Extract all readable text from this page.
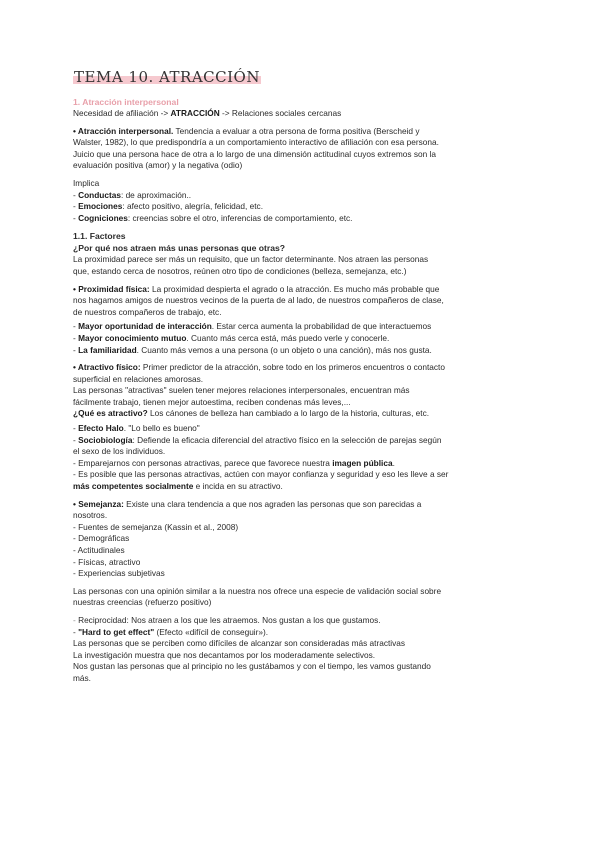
TEMA 10. ATRACCIÓN
1. Atracción interpersonal
Necesidad de afiliación -> ATRACCIÓN -> Relaciones sociales cercanas
• Atracción interpersonal. Tendencia a evaluar a otra persona de forma positiva (Berscheid y
Walster, 1982), lo que predispondría a un comportamiento interactivo de afiliación con esa persona.
Juicio que una persona hace de otra a lo largo de una dimensión actitudinal cuyos extremos son la
evaluación positiva (amor) y la negativa (odio)
Implica
- Conductas: de aproximación..
- Emociones: afecto positivo, alegría, felicidad, etc.
- Cogniciones: creencias sobre el otro, inferencias de comportamiento, etc.
1.1. Factores
¿Por qué nos atraen más unas personas que otras?
La proximidad parece ser más un requisito, que un factor determinante. Nos atraen las personas
que, estando cerca de nosotros, reúnen otro tipo de condiciones (belleza, semejanza, etc.)
• Proximidad física: La proximidad despierta el agrado o la atracción. Es mucho más probable que
nos hagamos amigos de nuestros vecinos de la puerta de al lado, de nuestros compañeros de clase,
de nuestros compañeros de trabajo, etc.
- Mayor oportunidad de interacción. Estar cerca aumenta la probabilidad de que interactuemos
- Mayor conocimiento mutuo. Cuanto más cerca está, más puedo verle y conocerle.
- La familiaridad. Cuanto más vemos a una persona (o un objeto o una canción), más nos gusta.
• Atractivo físico: Primer predictor de la atracción, sobre todo en los primeros encuentros o contacto
superficial en relaciones amorosas.
Las personas "atractivas" suelen tener mejores relaciones interpersonales, encuentran más
fácilmente trabajo, tienen mejor autoestima, reciben condenas más leves,...
¿Qué es atractivo? Los cánones de belleza han cambiado a lo largo de la historia, culturas, etc.
- Efecto Halo. "Lo bello es bueno"
- Sociobiología: Defiende la eficacia diferencial del atractivo físico en la selección de parejas según
el sexo de los individuos.
- Emparejarnos con personas atractivas, parece que favorece nuestra imagen pública.
- Es posible que las personas atractivas, actúen con mayor confianza y seguridad y eso les lleve a ser
más competentes socialmente e incida en su atractivo.
• Semejanza: Existe una clara tendencia a que nos agraden las personas que son parecidas a
nosotros.
- Fuentes de semejanza (Kassin et al., 2008)
- Demográficas
- Actitudinales
- Físicas, atractivo
- Experiencias subjetivas
Las personas con una opinión similar a la nuestra nos ofrece una especie de validación social sobre
nuestras creencias (refuerzo positivo)
- Reciprocidad: Nos atraen a los que les atraemos. Nos gustan a los que gustamos.
- "Hard to get effect" (Efecto «difícil de conseguir»).
Las personas que se perciben como difíciles de alcanzar son consideradas más atractivas
La investigación muestra que nos decantamos por los moderadamente selectivos.
Nos gustan las personas que al principio no les gustábamos y con el tiempo, les vamos gustando
más.
